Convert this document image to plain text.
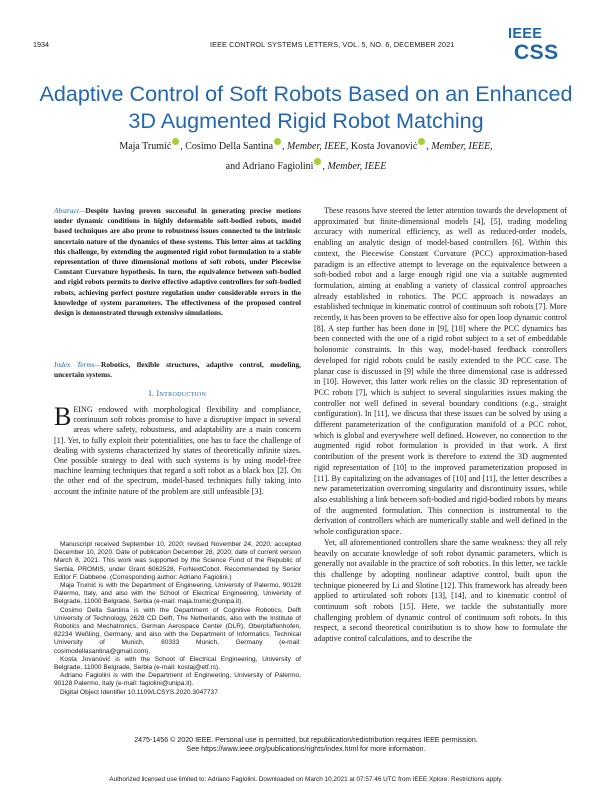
1934	IEEE CONTROL SYSTEMS LETTERS, VOL. 5, NO. 6, DECEMBER 2021
IEEE
CSS
Adaptive Control of Soft Robots Based on an Enhanced 3D Augmented Rigid Robot Matching
Maja Trumić , Cosimo Della Santina , Member, IEEE, Kosta Jovanović , Member, IEEE,
and Adriano Fagiolini , Member, IEEE
Abstract—Despite having proven successful in generating precise motions under dynamic conditions in highly deformable soft-bodied robots, model based techniques are also prone to robustness issues connected to the intrinsic uncertain nature of the dynamics of these systems. This letter aims at tackling this challenge, by extending the augmented rigid robot formulation to a stable representation of three dimensional motions of soft robots, under Piecewise Constant Curvature hypothesis. In turn, the equivalence between soft-bodied and rigid robots permits to derive effective adaptive controllers for soft-bodied robots, achieving perfect posture regulation under considerable errors in the knowledge of system parameters. The effectiveness of the proposed control design is demonstrated through extensive simulations.
Index Terms—Robotics, flexible structures, adaptive control, modeling, uncertain systems.
I. Introduction
BEING endowed with morphological flexibility and compliance, continuum soft robots promise to have a disruptive impact in several areas where safety, robustness, and adaptability are a main concern [1]. Yet, to fully exploit their potentialities, one has to face the challenge of dealing with systems characterized by states of theoretically infinite sizes. One possible strategy to deal with such systems is by using model-free machine learning techniques that regard a soft robot as a black box [2]. On the other end of the spectrum, model-based techniques fully taking into account the infinite nature of the problem are still unfeasible [3].

Manuscript received September 10, 2020; revised November 24, 2020; accepted December 10, 2020. Date of publication December 28, 2020; date of current version March 8, 2021. This work was supported by the Science Fund of the Republic of Serbia, PROMIS, under Grant 6062528, ForNextCobot. Recommended by Senior Editor F. Dabbene. (Corresponding author: Adriano Fagiolini.)

Maja Trumić is with the Department of Engineering, University of Palermo, 90128 Palermo, Italy, and also with the School of Electrical Engineering, University of Belgrade, 11000 Belgrade, Serbia (e-mail: maja.trumic@unipa.it).

Cosimo Della Santina is with the Department of Cognitive Robotics, Delft University of Technology, 2628 CD Delft, The Netherlands, also with the Institute of Robotics and Mechatronics, German Aerospace Center (DLR), Oberpfaffenhofen, 82234 Weßling, Germany, and also with the Department of Informatics, Technical University of Munich, 80333 Munich, Germany (e-mail: cosimodellasantina@gmail.com).

Kosta Jovanović is with the School of Electrical Engineering, University of Belgrade, 11000 Belgrade, Serbia (e-mail: kostaj@etf.rs).

Adriano Fagiolini is with the Department of Engineering, University of Palermo, 90128 Palermo, Italy (e-mail: fagiolini@unipa.it).

Digital Object Identifier 10.1109/LCSYS.2020.3047737

These reasons have steered the letter attention towards the development of approximated but finite-dimensional models [4], [5], trading modeling accuracy with numerical efficiency, as well as reduced-order models, enabling an analytic design of model-based controllers [6]. Within this context, the Piecewise Constant Curvature (PCC) approximation-based paradigm is an effective attempt to leverage on the equivalence between a soft-bodied robot and a large enough rigid one via a suitable augmented formulation, aiming at enabling a variety of classical control approaches already established in robotics. The PCC approach is nowadays an established technique in kinematic control of continuum soft robots [7]. More recently, it has been proven to be effective also for open loop dynamic control [8]. A step further has been done in [9], [10] where the PCC dynamics has been connected with the one of a rigid robot subject to a set of embeddable holonomic constraints. In this way, model-based feedback controllers developed for rigid robots could be easily extended to the PCC case. The planar case is discussed in [9] while the three dimensional case is addressed in [10]. However, this latter work relies on the classic 3D representation of PCC robots [7], which is subject to several singularities issues making the controller not well defined in several boundary conditions (e.g., straight configuration). In [11], we discuss that these issues can be solved by using a different parameterization of the configuration manifold of a PCC robot, which is global and everywhere well defined. However, no connection to the augmented rigid robot formulation is provided in that work. A first contribution of the present work is therefore to extend the 3D augmented rigid representation of [10] to the improved parameterization proposed in [11]. By capitalizing on the advantages of [10] and [11], the letter describes a new parameterization overcoming singularity and discontinuity issues, while also establishing a link between soft-bodied and rigid-bodied robots by means of the augmented formulation. This connection is instrumental to the derivation of controllers which are numerically stable and well defined in the whole configuration space.

Yet, all aforementioned controllers share the same weakness: they all rely heavily on accurate knowledge of soft robot dynamic parameters, which is generally not available in the practice of soft robotics. In this letter, we tackle this challenge by adopting nonlinear adaptive control, built upon the technique pioneered by Li and Slotine [12]. This framework has already been applied to articulated soft robots [13], [14], and to kinematic control of continuum soft robots [15]. Here, we tackle the substantially more challenging problem of dynamic control of continuum soft robots. In this respect, a second theoretical contribution is to show how to formulate the adaptive control calculations, and to describe the

2475-1456 © 2020 IEEE. Personal use is permitted, but republication/redistribution requires IEEE permission.
See https://www.ieee.org/publications/rights/index.html for more information.
Authorized licensed use limited to: Adriano Fagiolini. Downloaded on March 10,2021 at 07:57:46 UTC from IEEE Xplore. Restrictions apply.
